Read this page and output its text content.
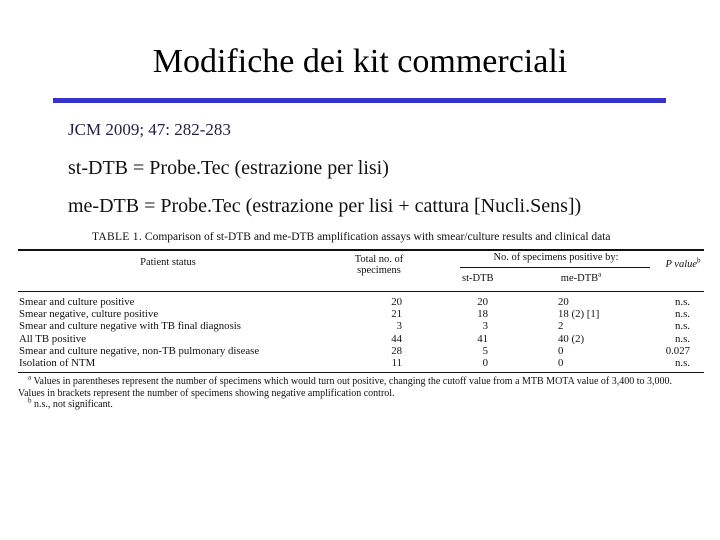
Modifiche dei kit commerciali
JCM 2009; 47: 282-283
st-DTB = Probe.Tec (estrazione per lisi)
me-DTB = Probe.Tec (estrazione per lisi + cattura [Nucli.Sens])
TABLE 1. Comparison of st-DTB and me-DTB amplification assays with smear/culture results and clinical data
Patient status	Total no. of specimens
No. of specimens positive by:
st-DTB	me-DTB$^a$
P value$^b$
Smear and culture positive	20	20	20	n.s.
Smear negative, culture positive	21	18	18 (2) [1]	n.s.
Smear and culture negative with TB final diagnosis	3	3	2	n.s.
All TB positive	44	41	40 (2)	n.s.
Smear and culture negative, non-TB pulmonary disease	28	5	0	0.027
Isolation of NTM	11	0	0	n.s.
$^a$ Values in parentheses represent the number of specimens which would turn out positive, changing the cutoff value from a MTB MOTA value of 3,400 to 3,000.
Values in brackets represent the number of specimens showing negative amplification control.
$^b$ n.s., not significant.
